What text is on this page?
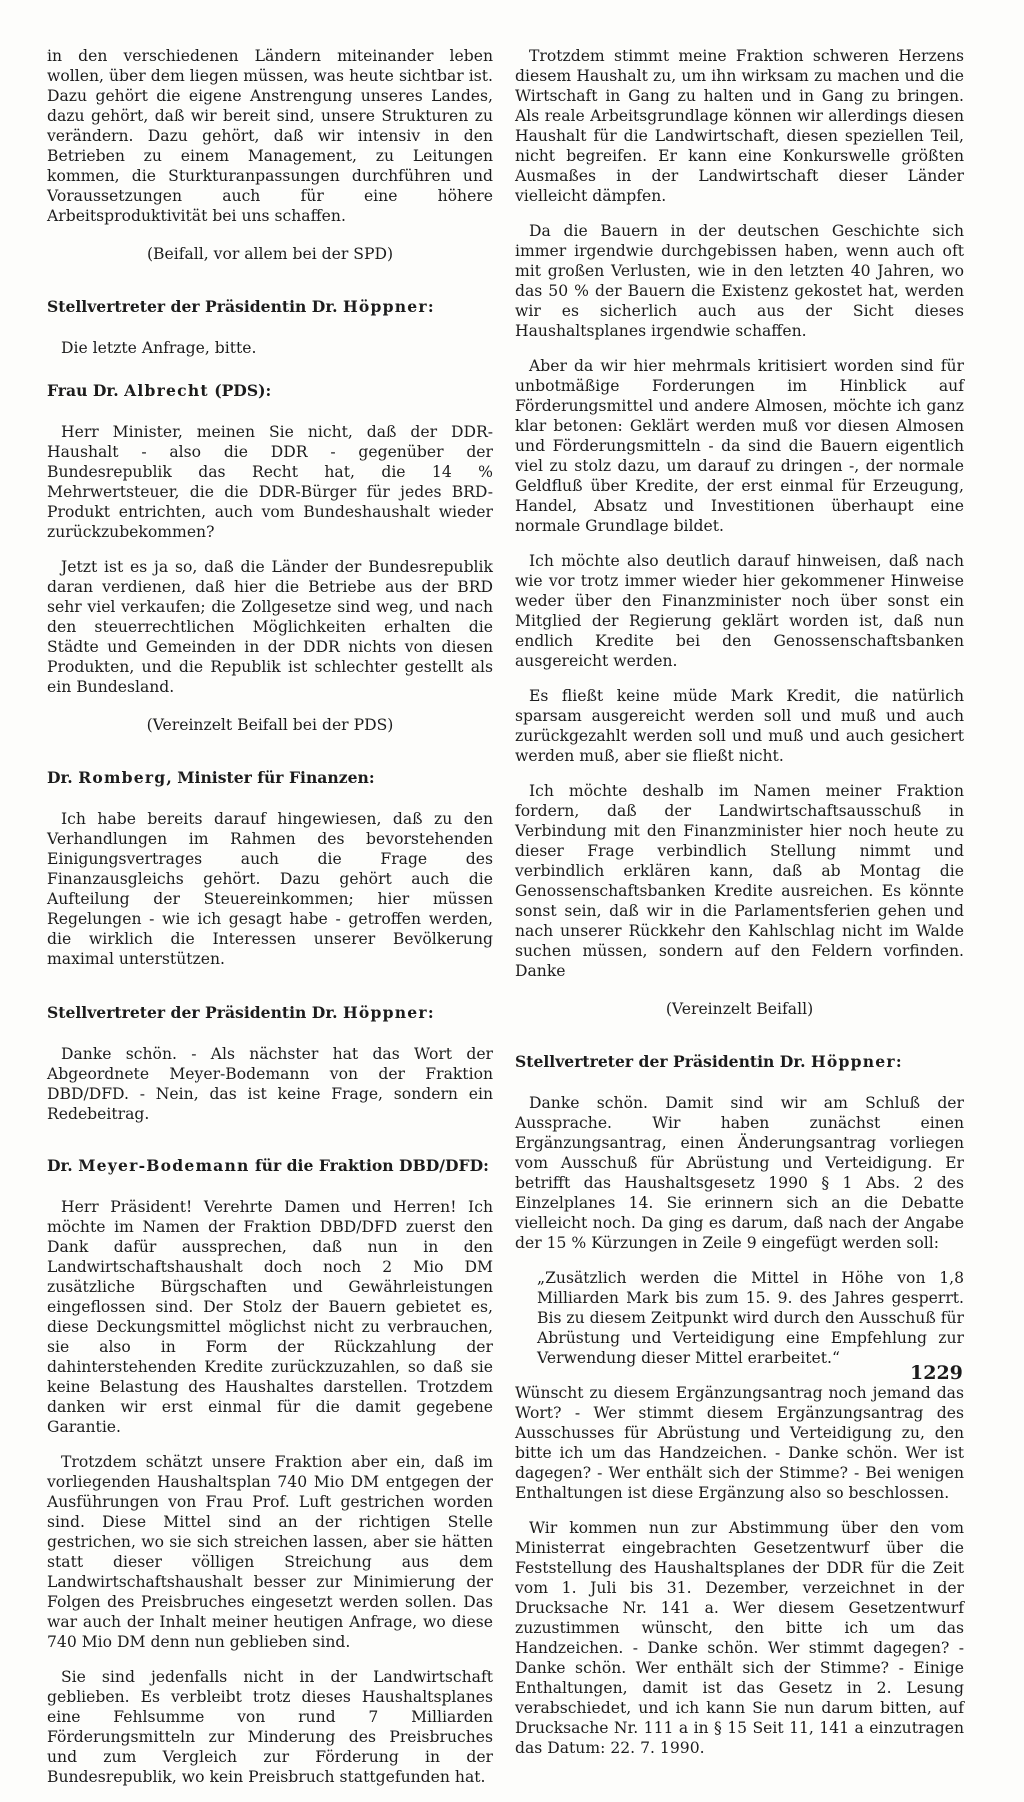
in den verschiedenen Ländern miteinander leben wollen, über dem liegen müssen, was heute sichtbar ist. Dazu gehört die eigene Anstrengung unseres Landes, dazu gehört, daß wir bereit sind, unsere Strukturen zu verändern. Dazu gehört, daß wir intensiv in den Betrieben zu einem Management, zu Leitungen kommen, die Sturkturanpassungen durchführen und Voraussetzungen auch für eine höhere Arbeitsproduktivität bei uns schaffen.

(Beifall, vor allem bei der SPD)

Stellvertreter der Präsidentin Dr. Höppner:

Die letzte Anfrage, bitte.

Frau Dr. Albrecht (PDS):

Herr Minister, meinen Sie nicht, daß der DDR-Haushalt - also die DDR - gegenüber der Bundesrepublik das Recht hat, die 14 % Mehrwertsteuer, die die DDR-Bürger für jedes BRD-Produkt entrichten, auch vom Bundeshaushalt wieder zurückzubekommen?

Jetzt ist es ja so, daß die Länder der Bundesrepublik daran verdienen, daß hier die Betriebe aus der BRD sehr viel verkaufen; die Zollgesetze sind weg, und nach den steuerrechtlichen Möglichkeiten erhalten die Städte und Gemeinden in der DDR nichts von diesen Produkten, und die Republik ist schlechter gestellt als ein Bundesland.

(Vereinzelt Beifall bei der PDS)

Dr. Romberg, Minister für Finanzen:

Ich habe bereits darauf hingewiesen, daß zu den Verhandlungen im Rahmen des bevorstehenden Einigungsvertrages auch die Frage des Finanzausgleichs gehört. Dazu gehört auch die Aufteilung der Steuereinkommen; hier müssen Regelungen - wie ich gesagt habe - getroffen werden, die wirklich die Interessen unserer Bevölkerung maximal unterstützen.

Stellvertreter der Präsidentin Dr. Höppner:

Danke schön. - Als nächster hat das Wort der Abgeordnete Meyer-Bodemann von der Fraktion DBD/DFD. - Nein, das ist keine Frage, sondern ein Redebeitrag.

Dr. Meyer-Bodemann für die Fraktion DBD/DFD:

Herr Präsident! Verehrte Damen und Herren! Ich möchte im Namen der Fraktion DBD/DFD zuerst den Dank dafür aussprechen, daß nun in den Landwirtschaftshaushalt doch noch 2 Mio DM zusätzliche Bürgschaften und Gewährleistungen eingeflossen sind. Der Stolz der Bauern gebietet es, diese Deckungsmittel möglichst nicht zu verbrauchen, sie also in Form der Rückzahlung der dahinterstehenden Kredite zurückzuzahlen, so daß sie keine Belastung des Haushaltes darstellen. Trotzdem danken wir erst einmal für die damit gegebene Garantie.

Trotzdem schätzt unsere Fraktion aber ein, daß im vorliegenden Haushaltsplan 740 Mio DM entgegen der Ausführungen von Frau Prof. Luft gestrichen worden sind. Diese Mittel sind an der richtigen Stelle gestrichen, wo sie sich streichen lassen, aber sie hätten statt dieser völligen Streichung aus dem Landwirtschaftshaushalt besser zur Minimierung der Folgen des Preisbruches eingesetzt werden sollen. Das war auch der Inhalt meiner heutigen Anfrage, wo diese 740 Mio DM denn nun geblieben sind.

Sie sind jedenfalls nicht in der Landwirtschaft geblieben. Es verbleibt trotz dieses Haushaltsplanes eine Fehlsumme von rund 7 Milliarden Förderungsmitteln zur Minderung des Preisbruches und zum Vergleich zur Förderung in der Bundesrepublik, wo kein Preisbruch stattgefunden hat.

Trotzdem stimmt meine Fraktion schweren Herzens diesem Haushalt zu, um ihn wirksam zu machen und die Wirtschaft in Gang zu halten und in Gang zu bringen. Als reale Arbeitsgrundlage können wir allerdings diesen Haushalt für die Landwirtschaft, diesen speziellen Teil, nicht begreifen. Er kann eine Konkurswelle größten Ausmaßes in der Landwirtschaft dieser Länder vielleicht dämpfen.

Da die Bauern in der deutschen Geschichte sich immer irgendwie durchgebissen haben, wenn auch oft mit großen Verlusten, wie in den letzten 40 Jahren, wo das 50 % der Bauern die Existenz gekostet hat, werden wir es sicherlich auch aus der Sicht dieses Haushaltsplanes irgendwie schaffen.

Aber da wir hier mehrmals kritisiert worden sind für unbotmäßige Forderungen im Hinblick auf Förderungsmittel und andere Almosen, möchte ich ganz klar betonen: Geklärt werden muß vor diesen Almosen und Förderungsmitteln - da sind die Bauern eigentlich viel zu stolz dazu, um darauf zu dringen -, der normale Geldfluß über Kredite, der erst einmal für Erzeugung, Handel, Absatz und Investitionen überhaupt eine normale Grundlage bildet.

Ich möchte also deutlich darauf hinweisen, daß nach wie vor trotz immer wieder hier gekommener Hinweise weder über den Finanzminister noch über sonst ein Mitglied der Regierung geklärt worden ist, daß nun endlich Kredite bei den Genossenschaftsbanken ausgereicht werden.

Es fließt keine müde Mark Kredit, die natürlich sparsam ausgereicht werden soll und muß und auch zurückgezahlt werden soll und muß und auch gesichert werden muß, aber sie fließt nicht.

Ich möchte deshalb im Namen meiner Fraktion fordern, daß der Landwirtschaftsausschuß in Verbindung mit den Finanzminister hier noch heute zu dieser Frage verbindlich Stellung nimmt und verbindlich erklären kann, daß ab Montag die Genossenschaftsbanken Kredite ausreichen. Es könnte sonst sein, daß wir in die Parlamentsferien gehen und nach unserer Rückkehr den Kahlschlag nicht im Walde suchen müssen, sondern auf den Feldern vorfinden. Danke

(Vereinzelt Beifall)

Stellvertreter der Präsidentin Dr. Höppner:

Danke schön. Damit sind wir am Schluß der Aussprache. Wir haben zunächst einen Ergänzungsantrag, einen Änderungsantrag vorliegen vom Ausschuß für Abrüstung und Verteidigung. Er betrifft das Haushaltsgesetz 1990 § 1 Abs. 2 des Einzelplanes 14. Sie erinnern sich an die Debatte vielleicht noch. Da ging es darum, daß nach der Angabe der 15 % Kürzungen in Zeile 9 eingefügt werden soll:

„Zusätzlich werden die Mittel in Höhe von 1,8 Milliarden Mark bis zum 15. 9. des Jahres gesperrt. Bis zu diesem Zeitpunkt wird durch den Ausschuß für Abrüstung und Verteidigung eine Empfehlung zur Verwendung dieser Mittel erarbeitet.“

Wünscht zu diesem Ergänzungsantrag noch jemand das Wort? - Wer stimmt diesem Ergänzungsantrag des Ausschusses für Abrüstung und Verteidigung zu, den bitte ich um das Handzeichen. - Danke schön. Wer ist dagegen? - Wer enthält sich der Stimme? - Bei wenigen Enthaltungen ist diese Ergänzung also so beschlossen.

Wir kommen nun zur Abstimmung über den vom Ministerrat eingebrachten Gesetzentwurf über die Feststellung des Haushaltsplanes der DDR für die Zeit vom 1. Juli bis 31. Dezember, verzeichnet in der Drucksache Nr. 141 a. Wer diesem Gesetzentwurf zuzustimmen wünscht, den bitte ich um das Handzeichen. - Danke schön. Wer stimmt dagegen? - Danke schön. Wer enthält sich der Stimme? - Einige Enthaltungen, damit ist das Gesetz in 2. Lesung verabschiedet, und ich kann Sie nun darum bitten, auf Drucksache Nr. 111 a in § 15 Seit 11, 141 a einzutragen das Datum: 22. 7. 1990.

1229
